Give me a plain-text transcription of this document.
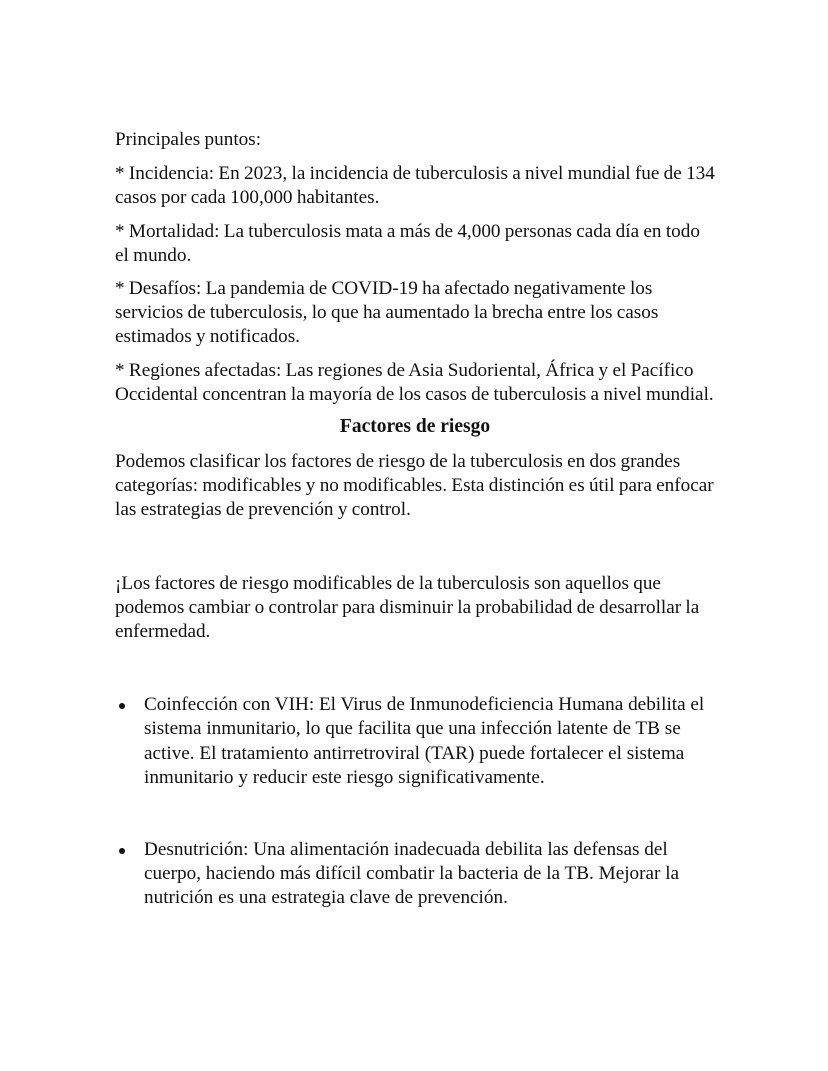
Principales puntos:

* Incidencia: En 2023, la incidencia de tuberculosis a nivel mundial fue de 134 casos por cada 100,000 habitantes.

* Mortalidad: La tuberculosis mata a más de 4,000 personas cada día en todo el mundo.

* Desafíos: La pandemia de COVID-19 ha afectado negativamente los servicios de tuberculosis, lo que ha aumentado la brecha entre los casos estimados y notificados.

* Regiones afectadas: Las regiones de Asia Sudoriental, África y el Pacífico Occidental concentran la mayoría de los casos de tuberculosis a nivel mundial.

Factores de riesgo

Podemos clasificar los factores de riesgo de la tuberculosis en dos grandes categorías: modificables y no modificables. Esta distinción es útil para enfocar las estrategias de prevención y control.

¡Los factores de riesgo modificables de la tuberculosis son aquellos que podemos cambiar o controlar para disminuir la probabilidad de desarrollar la enfermedad.

Coinfección con VIH: El Virus de Inmunodeficiencia Humana debilita el sistema inmunitario, lo que facilita que una infección latente de TB se active. El tratamiento antirretroviral (TAR) puede fortalecer el sistema inmunitario y reducir este riesgo significativamente.
Desnutrición: Una alimentación inadecuada debilita las defensas del cuerpo, haciendo más difícil combatir la bacteria de la TB. Mejorar la nutrición es una estrategia clave de prevención.
